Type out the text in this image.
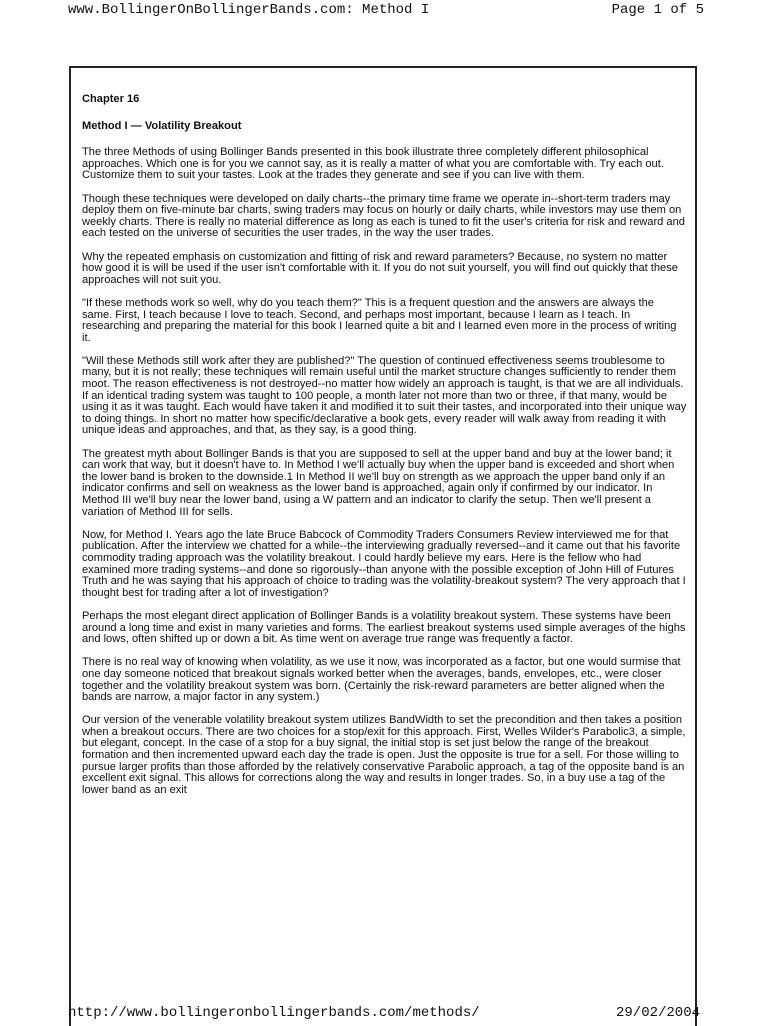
www.BollingerOnBollingerBands.com: Method I	Page 1 of 5
Chapter 16
Method I — Volatility Breakout

The three Methods of using Bollinger Bands presented in this book illustrate three completely different philosophical approaches. Which one is for you we cannot say, as it is really a matter of what you are comfortable with. Try each out. Customize them to suit your tastes. Look at the trades they generate and see if you can live with them.

Though these techniques were developed on daily charts--the primary time frame we operate in--short-term traders may deploy them on five-minute bar charts, swing traders may focus on hourly or daily charts, while investors may use them on weekly charts. There is really no material difference as long as each is tuned to fit the user's criteria for risk and reward and each tested on the universe of securities the user trades, in the way the user trades.

Why the repeated emphasis on customization and fitting of risk and reward parameters? Because, no system no matter how good it is will be used if the user isn't comfortable with it. If you do not suit yourself, you will find out quickly that these approaches will not suit you.

"If these methods work so well, why do you teach them?" This is a frequent question and the answers are always the same. First, I teach because I love to teach. Second, and perhaps most important, because I learn as I teach. In researching and preparing the material for this book I learned quite a bit and I learned even more in the process of writing it.

"Will these Methods still work after they are published?" The question of continued effectiveness seems troublesome to many, but it is not really; these techniques will remain useful until the market structure changes sufficiently to render them moot. The reason effectiveness is not destroyed--no matter how widely an approach is taught, is that we are all individuals. If an identical trading system was taught to 100 people, a month later not more than two or three, if that many, would be using it as it was taught. Each would have taken it and modified it to suit their tastes, and incorporated into their unique way to doing things. In short no matter how specific/declarative a book gets, every reader will walk away from reading it with unique ideas and approaches, and that, as they say, is a good thing.

The greatest myth about Bollinger Bands is that you are supposed to sell at the upper band and buy at the lower band; it can work that way, but it doesn't have to. In Method I we'll actually buy when the upper band is exceeded and short when the lower band is broken to the downside.1 In Method II we'll buy on strength as we approach the upper band only if an indicator confirms and sell on weakness as the lower band is approached, again only if confirmed by our indicator. In Method III we'll buy near the lower band, using a W pattern and an indicator to clarify the setup. Then we'll present a variation of Method III for sells.

Now, for Method I. Years ago the late Bruce Babcock of Commodity Traders Consumers Review interviewed me for that publication. After the interview we chatted for a while--the interviewing gradually reversed--and it came out that his favorite commodity trading approach was the volatility breakout. I could hardly believe my ears. Here is the fellow who had examined more trading systems--and done so rigorously--than anyone with the possible exception of John Hill of Futures Truth and he was saying that his approach of choice to trading was the volatility-breakout system? The very approach that I thought best for trading after a lot of investigation?

Perhaps the most elegant direct application of Bollinger Bands is a volatility breakout system. These systems have been around a long time and exist in many varieties and forms. The earliest breakout systems used simple averages of the highs and lows, often shifted up or down a bit. As time went on average true range was frequently a factor.

There is no real way of knowing when volatility, as we use it now, was incorporated as a factor, but one would surmise that one day someone noticed that breakout signals worked better when the averages, bands, envelopes, etc., were closer together and the volatility breakout system was born. (Certainly the risk-reward parameters are better aligned when the bands are narrow, a major factor in any system.)

Our version of the venerable volatility breakout system utilizes BandWidth to set the precondition and then takes a position when a breakout occurs. There are two choices for a stop/exit for this approach. First, Welles Wilder's Parabolic3, a simple, but elegant, concept. In the case of a stop for a buy signal, the initial stop is set just below the range of the breakout formation and then incremented upward each day the trade is open. Just the opposite is true for a sell. For those willing to pursue larger profits than those afforded by the relatively conservative Parabolic approach, a tag of the opposite band is an excellent exit signal. This allows for corrections along the way and results in longer trades. So, in a buy use a tag of the lower band as an exit

http://www.bollingeronbollingerbands.com/methods/	29/02/2004
